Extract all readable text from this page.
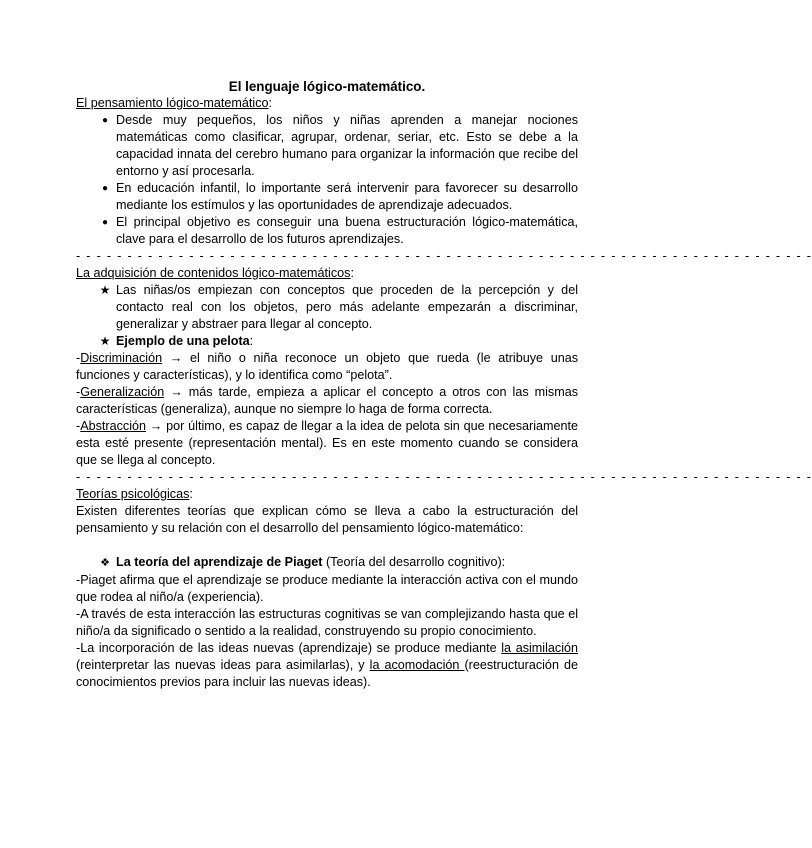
El lenguaje lógico-matemático.
El pensamiento lógico-matemático:
● Desde muy pequeños, los niños y niñas aprenden a manejar nociones matemáticas como clasificar, agrupar, ordenar, seriar, etc. Esto se debe a la capacidad innata del cerebro humano para organizar la información que recibe del entorno y así procesarla.
● En educación infantil, lo importante será intervenir para favorecer su desarrollo mediante los estímulos y las oportunidades de aprendizaje adecuados.
● El principal objetivo es conseguir una buena estructuración lógico-matemática, clave para el desarrollo de los futuros aprendizajes.
- - - - - - - - - - - - - - - - - - - - - - - - - - - - - - - - - - - - - - - - - - - - - - - - - - - - - - - - - - - - - - - - - - - - - - - -
La adquisición de contenidos lógico-matemáticos:
★ Las niñas/os empiezan con conceptos que proceden de la percepción y del contacto real con los objetos, pero más adelante empezarán a discriminar, generalizar y abstraer para llegar al concepto.
★ Ejemplo de una pelota:

-Discriminación → el niño o niña reconoce un objeto que rueda (le atribuye unas funciones y características), y lo identifica como “pelota”.

-Generalización → más tarde, empieza a aplicar el concepto a otros con las mismas características (generaliza), aunque no siempre lo haga de forma correcta.

-Abstracción → por último, es capaz de llegar a la idea de pelota sin que necesariamente esta esté presente (representación mental). Es en este momento cuando se considera que se llega al concepto.

- - - - - - - - - - - - - - - - - - - - - - - - - - - - - - - - - - - - - - - - - - - - - - - - - - - - - - - - - - - - - - - - - - - - - - - -
Teorías psicológicas:

Existen diferentes teorías que explican cómo se lleva a cabo la estructuración del pensamiento y su relación con el desarrollo del pensamiento lógico-matemático:

❖ La teoría del aprendizaje de Piaget (Teoría del desarrollo cognitivo):

-Piaget afirma que el aprendizaje se produce mediante la interacción activa con el mundo que rodea al niño/a (experiencia).

-A través de esta interacción las estructuras cognitivas se van complejizando hasta que el niño/a da significado o sentido a la realidad, construyendo su propio conocimiento.

-La incorporación de las ideas nuevas (aprendizaje) se produce mediante la asimilación (reinterpretar las nuevas ideas para asimilarlas), y la acomodación (reestructuración de conocimientos previos para incluir las nuevas ideas).
